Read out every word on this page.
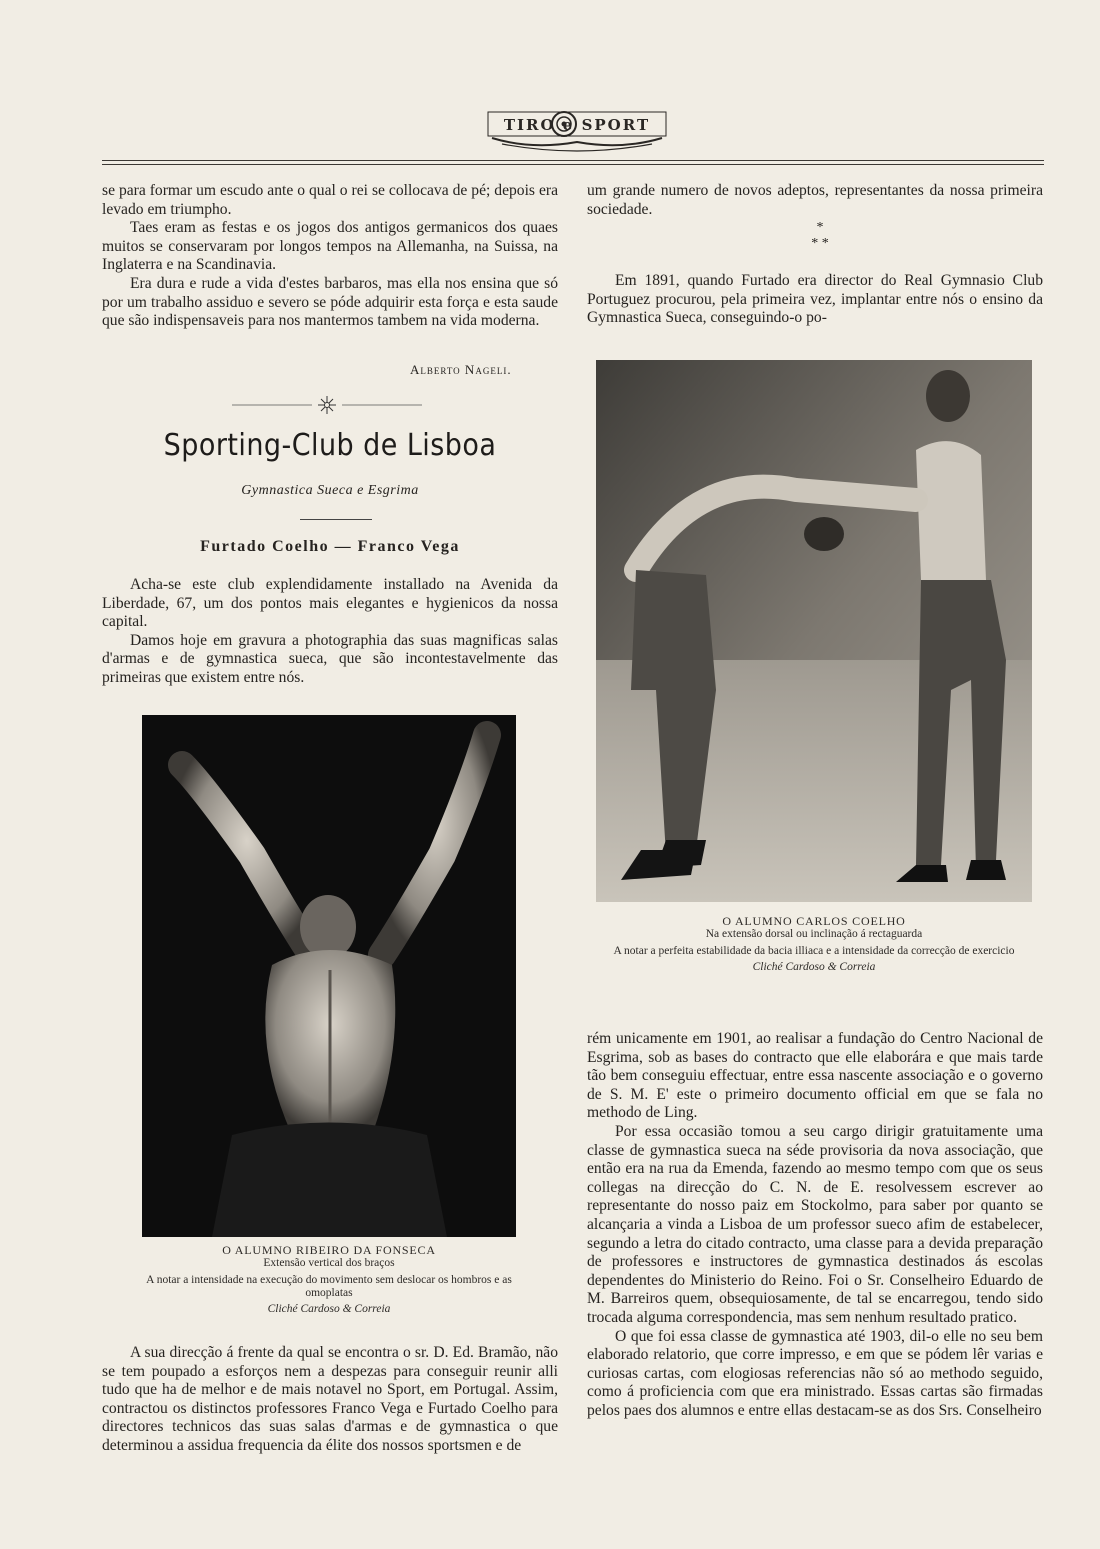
TIRO e SPORT

se para formar um escudo ante o qual o rei se collocava de pé; depois era levado em triumpho.

Taes eram as festas e os jogos dos antigos germanicos dos quaes muitos se conservaram por longos tempos na Allemanha, na Suissa, na Inglaterra e na Scandinavia.

Era dura e rude a vida d'estes barbaros, mas ella nos ensina que só por um trabalho assiduo e severo se póde adquirir esta força e esta saude que são indispensaveis para nos mantermos tambem na vida moderna.

Alberto Nageli.
Sporting-Club de Lisboa
Gymnastica Sueca e Esgrima
Furtado Coelho — Franco Vega

Acha-se este club explendidamente installado na Avenida da Liberdade, 67, um dos pontos mais elegantes e hygienicos da nossa capital.

Damos hoje em gravura a photographia das suas magnificas salas d'armas e de gymnastica sueca, que são incontestavelmente das primeiras que existem entre nós.

O ALUMNO RIBEIRO DA FONSECA
Extensão vertical dos braços
A notar a intensidade na execução do movimento sem deslocar os hombros e as omoplatas
Cliché Cardoso & Correia

A sua direcção á frente da qual se encontra o sr. D. Ed. Bramão, não se tem poupado a esforços nem a despezas para conseguir reunir alli tudo que ha de melhor e de mais notavel no Sport, em Portugal. Assim, contractou os distinctos professores Franco Vega e Furtado Coelho para directores technicos das suas salas d'armas e de gymnastica o que determinou a assidua frequencia da élite dos nossos sportsmen e de

um grande numero de novos adeptos, representantes da nossa primeira sociedade.

*
* *

Em 1891, quando Furtado era director do Real Gymnasio Club Portuguez procurou, pela primeira vez, implantar entre nós o ensino da Gymnastica Sueca, conseguindo-o po-

O ALUMNO CARLOS COELHO
Na extensão dorsal ou inclinação á rectaguarda
A notar a perfeita estabilidade da bacia illiaca e a intensidade da correcção de exercicio
Cliché Cardoso & Correia

rém unicamente em 1901, ao realisar a fundação do Centro Nacional de Esgrima, sob as bases do contracto que elle elaborára e que mais tarde tão bem conseguiu effectuar, entre essa nascente associação e o governo de S. M. E' este o primeiro documento official em que se fala no methodo de Ling.

Por essa occasião tomou a seu cargo dirigir gratuitamente uma classe de gymnastica sueca na séde provisoria da nova associação, que então era na rua da Emenda, fazendo ao mesmo tempo com que os seus collegas na direcção do C. N. de E. resolvessem escrever ao representante do nosso paiz em Stockolmo, para saber por quanto se alcançaria a vinda a Lisboa de um professor sueco afim de estabelecer, segundo a letra do citado contracto, uma classe para a devida preparação de professores e instructores de gymnastica destinados ás escolas dependentes do Ministerio do Reino. Foi o Sr. Conselheiro Eduardo de M. Barreiros quem, obsequiosamente, de tal se encarregou, tendo sido trocada alguma correspondencia, mas sem nenhum resultado pratico.

O que foi essa classe de gymnastica até 1903, dil-o elle no seu bem elaborado relatorio, que corre impresso, e em que se pódem lêr varias e curiosas cartas, com elogiosas referencias não só ao methodo seguido, como á proficiencia com que era ministrado. Essas cartas são firmadas pelos paes dos alumnos e entre ellas destacam-se as dos Srs. Conselheiro
